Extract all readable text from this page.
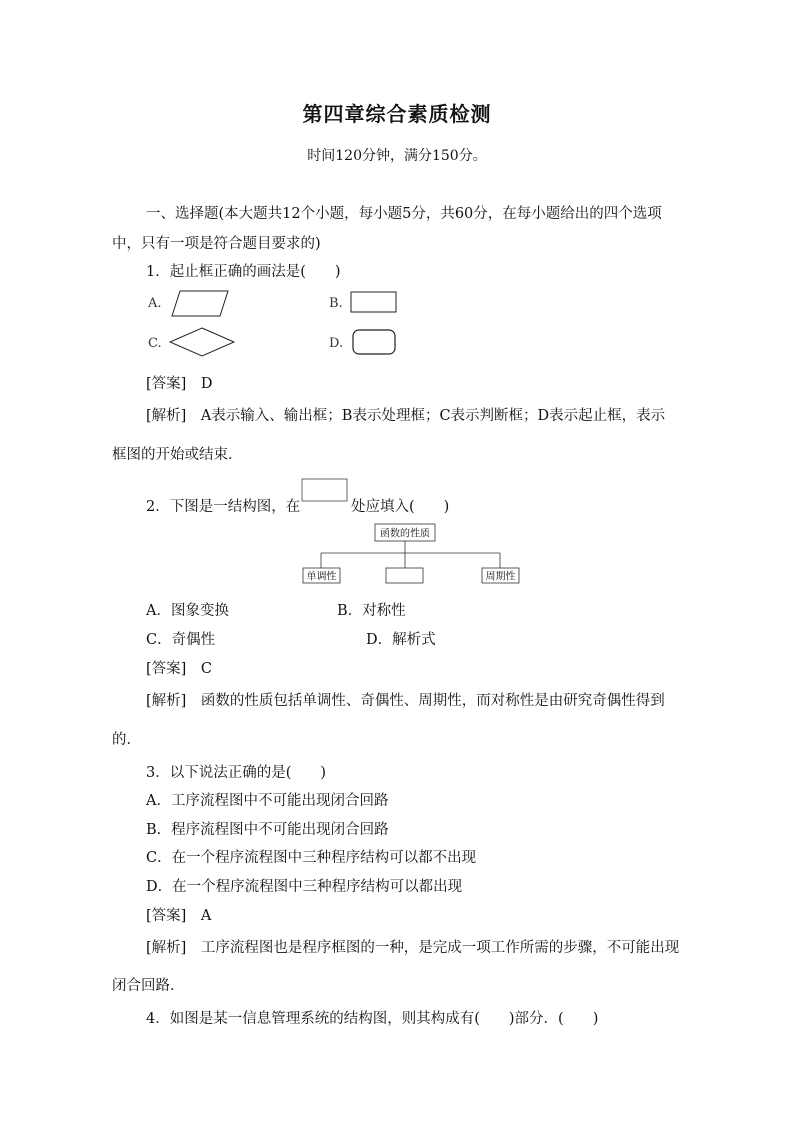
第四章综合素质检测
时间120分钟，满分150分。
一、选择题(本大题共12个小题，每小题5分，共60分，在每小题给出的四个选项
中，只有一项是符合题目要求的)
1．起止框正确的画法是(　　)
A.	B.
C.	D.
[答案]　D
[解析]　A表示输入、输出框；B表示处理框；C表示判断框；D表示起止框，表示
框图的开始或结束．
2．下图是一结构图，在	处应填入(　　)
函数的性质
单调性	周期性
A．图象变换	B．对称性
C．奇偶性	D．解析式
[答案]　C
[解析]　函数的性质包括单调性、奇偶性、周期性，而对称性是由研究奇偶性得到
的．
3．以下说法正确的是(　　)
A．工序流程图中不可能出现闭合回路
B．程序流程图中不可能出现闭合回路
C．在一个程序流程图中三种程序结构可以都不出现
D．在一个程序流程图中三种程序结构可以都出现
[答案]　A
[解析]　工序流程图也是程序框图的一种，是完成一项工作所需的步骤，不可能出现
闭合回路．
4．如图是某一信息管理系统的结构图，则其构成有(　　)部分．(　　)
